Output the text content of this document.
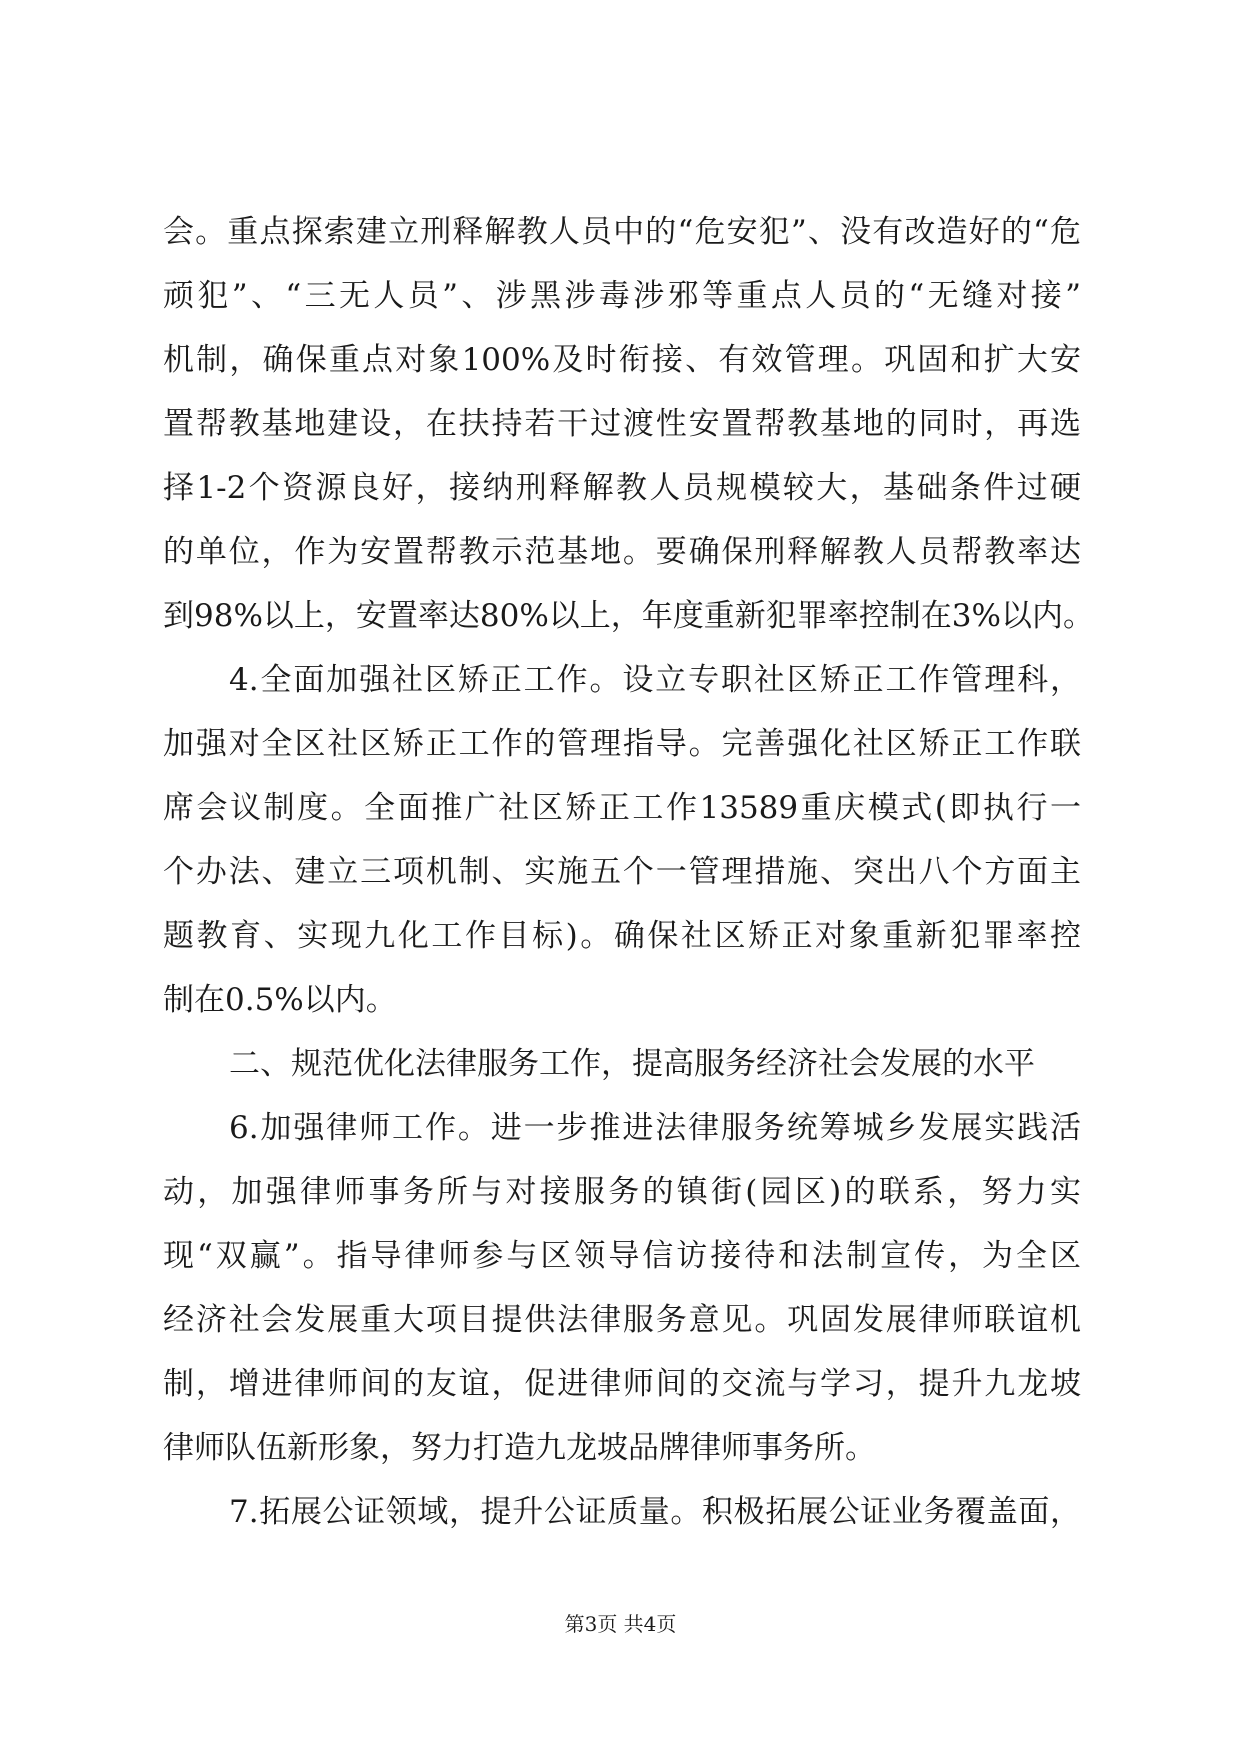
会。重点探索建立刑释解教人员中的“危安犯”、没有改造好的“危
顽犯”、“三无人员”、涉黑涉毒涉邪等重点人员的“无缝对接”
机制，确保重点对象100%及时衔接、有效管理。巩固和扩大安
置帮教基地建设，在扶持若干过渡性安置帮教基地的同时，再选
择1-2个资源良好，接纳刑释解教人员规模较大，基础条件过硬
的单位，作为安置帮教示范基地。要确保刑释解教人员帮教率达
到98%以上，安置率达80%以上，年度重新犯罪率控制在3%以内。
4.全面加强社区矫正工作。设立专职社区矫正工作管理科，
加强对全区社区矫正工作的管理指导。完善强化社区矫正工作联
席会议制度。全面推广社区矫正工作13589重庆模式(即执行一
个办法、建立三项机制、实施五个一管理措施、突出八个方面主
题教育、实现九化工作目标)。确保社区矫正对象重新犯罪率控
制在0.5%以内。
二、规范优化法律服务工作，提高服务经济社会发展的水平
6.加强律师工作。进一步推进法律服务统筹城乡发展实践活
动，加强律师事务所与对接服务的镇街(园区)的联系，努力实
现“双赢”。指导律师参与区领导信访接待和法制宣传，为全区
经济社会发展重大项目提供法律服务意见。巩固发展律师联谊机
制，增进律师间的友谊，促进律师间的交流与学习，提升九龙坡
律师队伍新形象，努力打造九龙坡品牌律师事务所。
7.拓展公证领域，提升公证质量。积极拓展公证业务覆盖面，
第3页 共4页
